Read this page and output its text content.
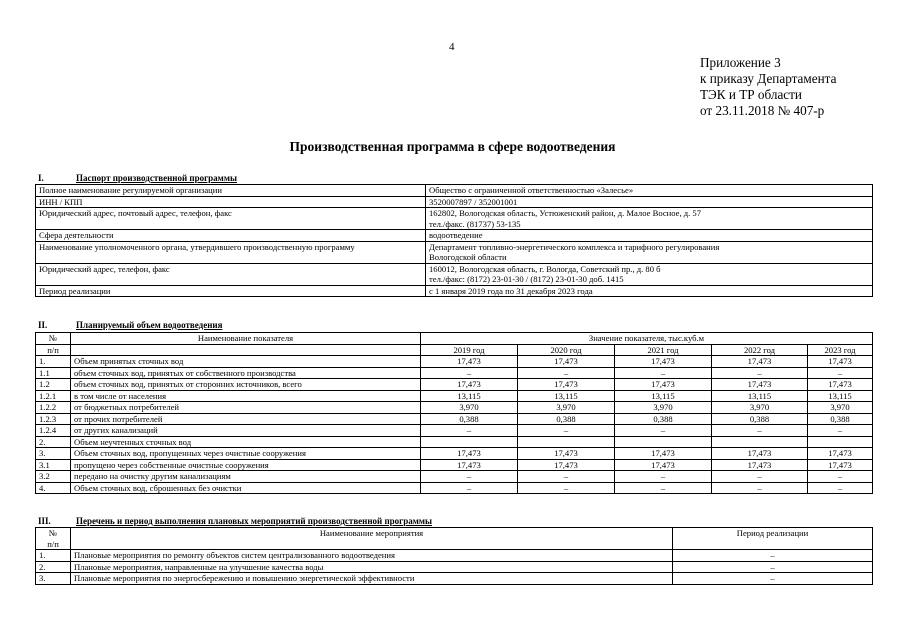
4
Приложение 3
к приказу Департамента
ТЭК и ТР области
от 23.11.2018 № 407-р
Производственная программа в сфере водоотведения
I.	Паспорт производственной программы
Полное наименование регулируемой организации	Общество с ограниченной ответственностью «Залесье»

ИНН / КПП	3520007897 / 352001001

Юридический адрес, почтовый адрес, телефон, факс	162802, Вологодская область, Устюженский район, д. Малое Восное, д. 57
тел./факс. (81737) 53-135

Сфера деятельности	водоотведение

Наименование уполномоченного органа, утвердившего производственную программу	Департамент топливно-энергетического комплекса и тарифного регулирования
Вологодской области

Юридический адрес, телефон, факс	160012, Вологодская область, г. Вологда, Советский пр., д. 80 б
тел./факс: (8172) 23-01-30 / (8172) 23-01-30 доб. 1415

Период реализации	с 1 января 2019 года по 31 декабря 2023 года
II.	Планируемый объем водоотведения
№	Наименование показателя	Значение показателя, тыс.куб.м				
п/п		2019 год	2020 год	2021 год	2022 год	2023 год
1.	Объем принятых сточных вод	17,473	17,473	17,473	17,473	17,473
1.1	объем сточных вод, принятых от собственного производства	–	–	–	–	–
1.2	объем сточных вод, принятых от сторонних источников, всего	17,473	17,473	17,473	17,473	17,473
1.2.1	в том числе от населения	13,115	13,115	13,115	13,115	13,115
1.2.2	от бюджетных потребителей	3,970	3,970	3,970	3,970	3,970
1.2.3	от прочих потребителей	0,388	0,388	0,388	0,388	0,388
1.2.4	от других канализаций	–	–	–	–	–
2.	Объем неучтенных сточных вод					
3.	Объем сточных вод, пропущенных через очистные сооружения	17,473	17,473	17,473	17,473	17,473
3.1	пропущено через собственные очистные сооружения	17,473	17,473	17,473	17,473	17,473
3.2	передано на очистку другим канализациям	–	–	–	–	–
4.	Объем сточных вод, сброшенных без очистки	–	–	–	–	–
III.	Перечень и период выполнения плановых мероприятий производственной программы
№
п/п	Наименование мероприятия	Период реализации
1.	Плановые мероприятия по ремонту объектов систем централизованного водоотведения	–
2.	Плановые мероприятия, направленные на улучшение качества воды	–
3.	Плановые мероприятия по энергосбережению и повышению энергетической эффективности	–
